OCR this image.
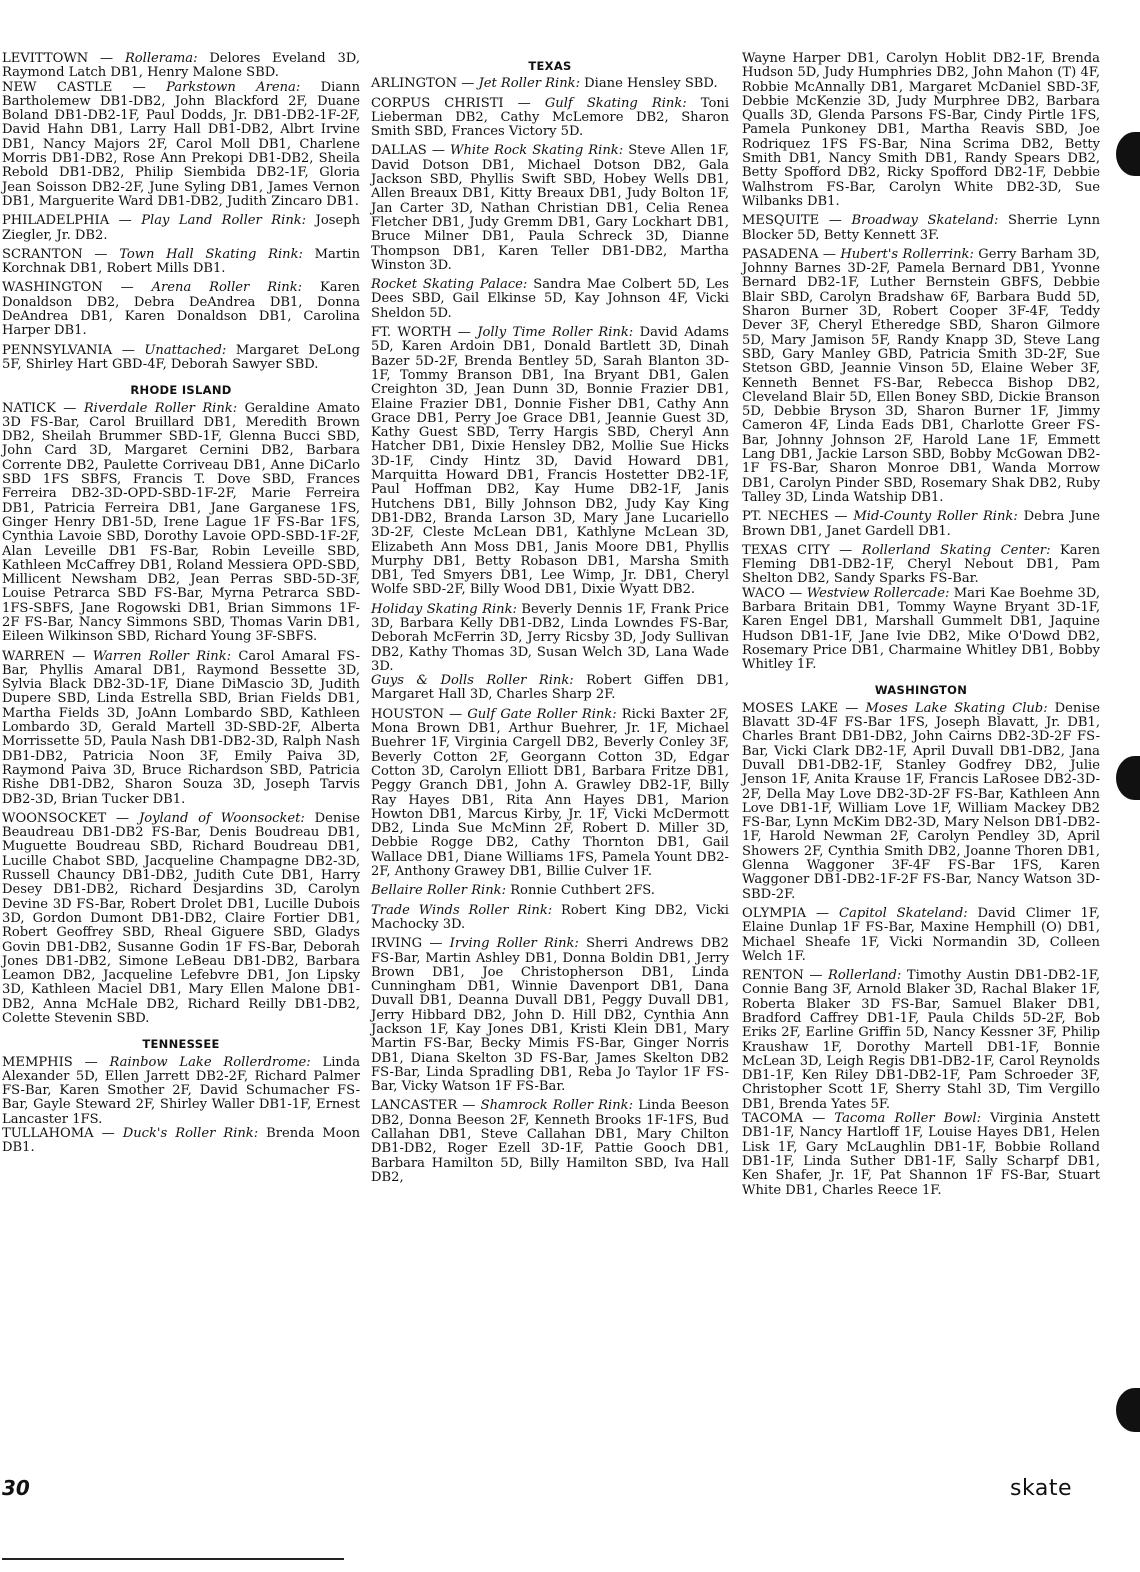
LEVITTOWN — Rollerama: Delores Eveland 3D, Raymond Latch DB1, Henry Malone SBD.

NEW CASTLE — Parkstown Arena: Diann Bartholemew DB1-DB2, John Blackford 2F, Duane Boland DB1-DB2-1F, Paul Dodds, Jr. DB1-DB2-1F-2F, David Hahn DB1, Larry Hall DB1-DB2, Albrt Irvine DB1, Nancy Majors 2F, Carol Moll DB1, Charlene Morris DB1-DB2, Rose Ann Prekopi DB1-DB2, Sheila Rebold DB1-DB2, Philip Siembida DB2-1F, Gloria Jean Soisson DB2-2F, June Syling DB1, James Vernon DB1, Marguerite Ward DB1-DB2, Judith Zincaro DB1.

PHILADELPHIA — Play Land Roller Rink: Joseph Ziegler, Jr. DB2.

SCRANTON — Town Hall Skating Rink: Martin Korchnak DB1, Robert Mills DB1.

WASHINGTON — Arena Roller Rink: Karen Donaldson DB2, Debra DeAndrea DB1, Donna DeAndrea DB1, Karen Donaldson DB1, Carolina Harper DB1.

PENNSYLVANIA — Unattached: Margaret DeLong 5F, Shirley Hart GBD-4F, Deborah Sawyer SBD.

RHODE ISLAND

NATICK — Riverdale Roller Rink: Geraldine Amato 3D FS-Bar, Carol Bruillard DB1, Meredith Brown DB2, Sheilah Brummer SBD-1F, Glenna Bucci SBD, John Card 3D, Margaret Cernini DB2, Barbara Corrente DB2, Paulette Corriveau DB1, Anne DiCarlo SBD 1FS SBFS, Francis T. Dove SBD, Frances Ferreira DB2-3D-OPD-SBD-1F-2F, Marie Ferreira DB1, Patricia Ferreira DB1, Jane Garganese 1FS, Ginger Henry DB1-5D, Irene Lague 1F FS-Bar 1FS, Cynthia Lavoie SBD, Dorothy Lavoie OPD-SBD-1F-2F, Alan Leveille DB1 FS-Bar, Robin Leveille SBD, Kathleen McCaffrey DB1, Roland Messiera OPD-SBD, Millicent Newsham DB2, Jean Perras SBD-5D-3F, Louise Petrarca SBD FS-Bar, Myrna Petrarca SBD-1FS-SBFS, Jane Rogowski DB1, Brian Simmons 1F-2F FS-Bar, Nancy Simmons SBD, Thomas Varin DB1, Eileen Wilkinson SBD, Richard Young 3F-SBFS.

WARREN — Warren Roller Rink: Carol Amaral FS-Bar, Phyllis Amaral DB1, Raymond Bessette 3D, Sylvia Black DB2-3D-1F, Diane DiMascio 3D, Judith Dupere SBD, Linda Estrella SBD, Brian Fields DB1, Martha Fields 3D, JoAnn Lombardo SBD, Kathleen Lombardo 3D, Gerald Martell 3D-SBD-2F, Alberta Morrissette 5D, Paula Nash DB1-DB2-3D, Ralph Nash DB1-DB2, Patricia Noon 3F, Emily Paiva 3D, Raymond Paiva 3D, Bruce Richardson SBD, Patricia Rishe DB1-DB2, Sharon Souza 3D, Joseph Tarvis DB2-3D, Brian Tucker DB1.

WOONSOCKET — Joyland of Woonsocket: Denise Beaudreau DB1-DB2 FS-Bar, Denis Boudreau DB1, Muguette Boudreau SBD, Richard Boudreau DB1, Lucille Chabot SBD, Jacqueline Champagne DB2-3D, Russell Chauncy DB1-DB2, Judith Cute DB1, Harry Desey DB1-DB2, Richard Desjardins 3D, Carolyn Devine 3D FS-Bar, Robert Drolet DB1, Lucille Dubois 3D, Gordon Dumont DB1-DB2, Claire Fortier DB1, Robert Geoffrey SBD, Rheal Giguere SBD, Gladys Govin DB1-DB2, Susanne Godin 1F FS-Bar, Deborah Jones DB1-DB2, Simone LeBeau DB1-DB2, Barbara Leamon DB2, Jacqueline Lefebvre DB1, Jon Lipsky 3D, Kathleen Maciel DB1, Mary Ellen Malone DB1-DB2, Anna McHale DB2, Richard Reilly DB1-DB2, Colette Stevenin SBD.

TENNESSEE

MEMPHIS — Rainbow Lake Rollerdrome: Linda Alexander 5D, Ellen Jarrett DB2-2F, Richard Palmer FS-Bar, Karen Smother 2F, David Schumacher FS-Bar, Gayle Steward 2F, Shirley Waller DB1-1F, Ernest Lancaster 1FS.

TULLAHOMA — Duck's Roller Rink: Brenda Moon DB1.

TEXAS

ARLINGTON — Jet Roller Rink: Diane Hensley SBD.

CORPUS CHRISTI — Gulf Skating Rink: Toni Lieberman DB2, Cathy McLemore DB2, Sharon Smith SBD, Frances Victory 5D.

DALLAS — White Rock Skating Rink: Steve Allen 1F, David Dotson DB1, Michael Dotson DB2, Gala Jackson SBD, Phyllis Swift SBD, Hobey Wells DB1, Allen Breaux DB1, Kitty Breaux DB1, Judy Bolton 1F, Jan Carter 3D, Nathan Christian DB1, Celia Renea Fletcher DB1, Judy Gremm DB1, Gary Lockhart DB1, Bruce Milner DB1, Paula Schreck 3D, Dianne Thompson DB1, Karen Teller DB1-DB2, Martha Winston 3D.

Rocket Skating Palace: Sandra Mae Colbert 5D, Les Dees SBD, Gail Elkinse 5D, Kay Johnson 4F, Vicki Sheldon 5D.

FT. WORTH — Jolly Time Roller Rink: David Adams 5D, Karen Ardoin DB1, Donald Bartlett 3D, Dinah Bazer 5D-2F, Brenda Bentley 5D, Sarah Blanton 3D-1F, Tommy Branson DB1, Ina Bryant DB1, Galen Creighton 3D, Jean Dunn 3D, Bonnie Frazier DB1, Elaine Frazier DB1, Donnie Fisher DB1, Cathy Ann Grace DB1, Perry Joe Grace DB1, Jeannie Guest 3D, Kathy Guest SBD, Terry Hargis SBD, Cheryl Ann Hatcher DB1, Dixie Hensley DB2, Mollie Sue Hicks 3D-1F, Cindy Hintz 3D, David Howard DB1, Marquitta Howard DB1, Francis Hostetter DB2-1F, Paul Hoffman DB2, Kay Hume DB2-1F, Janis Hutchens DB1, Billy Johnson DB2, Judy Kay King DB1-DB2, Branda Larson 3D, Mary Jane Lucariello 3D-2F, Cleste McLean DB1, Kathlyne McLean 3D, Elizabeth Ann Moss DB1, Janis Moore DB1, Phyllis Murphy DB1, Betty Robason DB1, Marsha Smith DB1, Ted Smyers DB1, Lee Wimp, Jr. DB1, Cheryl Wolfe SBD-2F, Billy Wood DB1, Dixie Wyatt DB2.

Holiday Skating Rink: Beverly Dennis 1F, Frank Price 3D, Barbara Kelly DB1-DB2, Linda Lowndes FS-Bar, Deborah McFerrin 3D, Jerry Ricsby 3D, Jody Sullivan DB2, Kathy Thomas 3D, Susan Welch 3D, Lana Wade 3D.

Guys & Dolls Roller Rink: Robert Giffen DB1, Margaret Hall 3D, Charles Sharp 2F.

HOUSTON — Gulf Gate Roller Rink: Ricki Baxter 2F, Mona Brown DB1, Arthur Buehrer, Jr. 1F, Michael Buehrer 1F, Virginia Cargell DB2, Beverly Conley 3F, Beverly Cotton 2F, Georgann Cotton 3D, Edgar Cotton 3D, Carolyn Elliott DB1, Barbara Fritze DB1, Peggy Granch DB1, John A. Grawley DB2-1F, Billy Ray Hayes DB1, Rita Ann Hayes DB1, Marion Howton DB1, Marcus Kirby, Jr. 1F, Vicki McDermott DB2, Linda Sue McMinn 2F, Robert D. Miller 3D, Debbie Rogge DB2, Cathy Thornton DB1, Gail Wallace DB1, Diane Williams 1FS, Pamela Yount DB2-2F, Anthony Grawey DB1, Billie Culver 1F.

Bellaire Roller Rink: Ronnie Cuthbert 2FS.

Trade Winds Roller Rink: Robert King DB2, Vicki Machocky 3D.

IRVING — Irving Roller Rink: Sherri Andrews DB2 FS-Bar, Martin Ashley DB1, Donna Boldin DB1, Jerry Brown DB1, Joe Christopherson DB1, Linda Cunningham DB1, Winnie Davenport DB1, Dana Duvall DB1, Deanna Duvall DB1, Peggy Duvall DB1, Jerry Hibbard DB2, John D. Hill DB2, Cynthia Ann Jackson 1F, Kay Jones DB1, Kristi Klein DB1, Mary Martin FS-Bar, Becky Mimis FS-Bar, Ginger Norris DB1, Diana Skelton 3D FS-Bar, James Skelton DB2 FS-Bar, Linda Spradling DB1, Reba Jo Taylor 1F FS-Bar, Vicky Watson 1F FS-Bar.

LANCASTER — Shamrock Roller Rink: Linda Beeson DB2, Donna Beeson 2F, Kenneth Brooks 1F-1FS, Bud Callahan DB1, Steve Callahan DB1, Mary Chilton DB1-DB2, Roger Ezell 3D-1F, Pattie Gooch DB1, Barbara Hamilton 5D, Billy Hamilton SBD, Iva Hall DB2,

Wayne Harper DB1, Carolyn Hoblit DB2-1F, Brenda Hudson 5D, Judy Humphries DB2, John Mahon (T) 4F, Robbie McAnnally DB1, Margaret McDaniel SBD-3F, Debbie McKenzie 3D, Judy Murphree DB2, Barbara Qualls 3D, Glenda Parsons FS-Bar, Cindy Pirtle 1FS, Pamela Punkoney DB1, Martha Reavis SBD, Joe Rodriquez 1FS FS-Bar, Nina Scrima DB2, Betty Smith DB1, Nancy Smith DB1, Randy Spears DB2, Betty Spofford DB2, Ricky Spofford DB2-1F, Debbie Walhstrom FS-Bar, Carolyn White DB2-3D, Sue Wilbanks DB1.

MESQUITE — Broadway Skateland: Sherrie Lynn Blocker 5D, Betty Kennett 3F.

PASADENA — Hubert's Rollerrink: Gerry Barham 3D, Johnny Barnes 3D-2F, Pamela Bernard DB1, Yvonne Bernard DB2-1F, Luther Bernstein GBFS, Debbie Blair SBD, Carolyn Bradshaw 6F, Barbara Budd 5D, Sharon Burner 3D, Robert Cooper 3F-4F, Teddy Dever 3F, Cheryl Etheredge SBD, Sharon Gilmore 5D, Mary Jamison 5F, Randy Knapp 3D, Steve Lang SBD, Gary Manley GBD, Patricia Smith 3D-2F, Sue Stetson GBD, Jeannie Vinson 5D, Elaine Weber 3F, Kenneth Bennet FS-Bar, Rebecca Bishop DB2, Cleveland Blair 5D, Ellen Boney SBD, Dickie Branson 5D, Debbie Bryson 3D, Sharon Burner 1F, Jimmy Cameron 4F, Linda Eads DB1, Charlotte Greer FS-Bar, Johnny Johnson 2F, Harold Lane 1F, Emmett Lang DB1, Jackie Larson SBD, Bobby McGowan DB2-1F FS-Bar, Sharon Monroe DB1, Wanda Morrow DB1, Carolyn Pinder SBD, Rosemary Shak DB2, Ruby Talley 3D, Linda Watship DB1.

PT. NECHES — Mid-County Roller Rink: Debra June Brown DB1, Janet Gardell DB1.

TEXAS CITY — Rollerland Skating Center: Karen Fleming DB1-DB2-1F, Cheryl Nebout DB1, Pam Shelton DB2, Sandy Sparks FS-Bar.

WACO — Westview Rollercade: Mari Kae Boehme 3D, Barbara Britain DB1, Tommy Wayne Bryant 3D-1F, Karen Engel DB1, Marshall Gummelt DB1, Jaquine Hudson DB1-1F, Jane Ivie DB2, Mike O'Dowd DB2, Rosemary Price DB1, Charmaine Whitley DB1, Bobby Whitley 1F.

WASHINGTON

MOSES LAKE — Moses Lake Skating Club: Denise Blavatt 3D-4F FS-Bar 1FS, Joseph Blavatt, Jr. DB1, Charles Brant DB1-DB2, John Cairns DB2-3D-2F FS-Bar, Vicki Clark DB2-1F, April Duvall DB1-DB2, Jana Duvall DB1-DB2-1F, Stanley Godfrey DB2, Julie Jenson 1F, Anita Krause 1F, Francis LaRosee DB2-3D-2F, Della May Love DB2-3D-2F FS-Bar, Kathleen Ann Love DB1-1F, William Love 1F, William Mackey DB2 FS-Bar, Lynn McKim DB2-3D, Mary Nelson DB1-DB2-1F, Harold Newman 2F, Carolyn Pendley 3D, April Showers 2F, Cynthia Smith DB2, Joanne Thoren DB1, Glenna Waggoner 3F-4F FS-Bar 1FS, Karen Waggoner DB1-DB2-1F-2F FS-Bar, Nancy Watson 3D-SBD-2F.

OLYMPIA — Capitol Skateland: David Climer 1F, Elaine Dunlap 1F FS-Bar, Maxine Hemphill (O) DB1, Michael Sheafe 1F, Vicki Normandin 3D, Colleen Welch 1F.

RENTON — Rollerland: Timothy Austin DB1-DB2-1F, Connie Bang 3F, Arnold Blaker 3D, Rachal Blaker 1F, Roberta Blaker 3D FS-Bar, Samuel Blaker DB1, Bradford Caffrey DB1-1F, Paula Childs 5D-2F, Bob Eriks 2F, Earline Griffin 5D, Nancy Kessner 3F, Philip Kraushaw 1F, Dorothy Martell DB1-1F, Bonnie McLean 3D, Leigh Regis DB1-DB2-1F, Carol Reynolds DB1-1F, Ken Riley DB1-DB2-1F, Pam Schroeder 3F, Christopher Scott 1F, Sherry Stahl 3D, Tim Vergillo DB1, Brenda Yates 5F.

TACOMA — Tacoma Roller Bowl: Virginia Anstett DB1-1F, Nancy Hartloff 1F, Louise Hayes DB1, Helen Lisk 1F, Gary McLaughlin DB1-1F, Bobbie Rolland DB1-1F, Linda Suther DB1-1F, Sally Scharpf DB1, Ken Shafer, Jr. 1F, Pat Shannon 1F FS-Bar, Stuart White DB1, Charles Reece 1F.

30	skate
